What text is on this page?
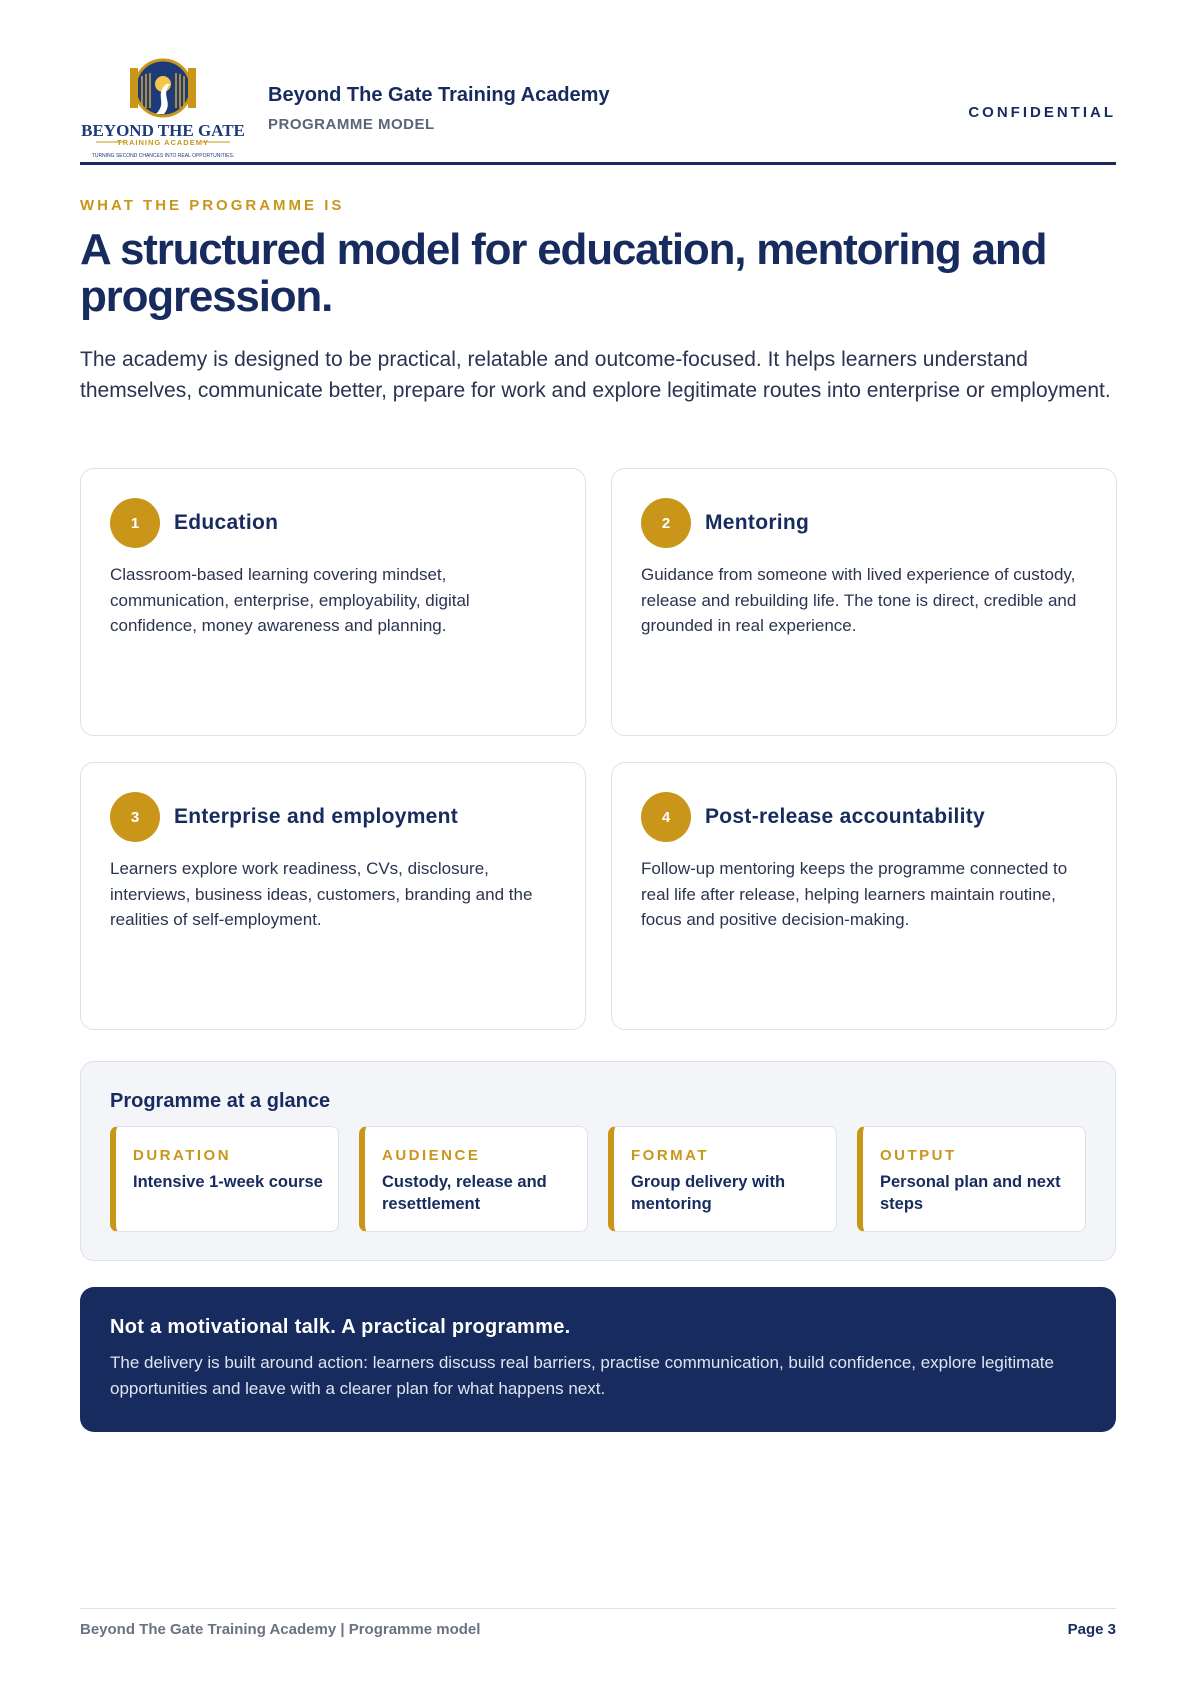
BEYOND THE GATE
TRAINING ACADEMY
TURNING SECOND CHANCES INTO REAL OPPORTUNITIES.
Beyond The Gate Training Academy
PROGRAMME MODEL
CONFIDENTIAL
WHAT THE PROGRAMME IS
A structured model for education, mentoring and progression.

The academy is designed to be practical, relatable and outcome-focused. It helps learners understand themselves, communicate better, prepare for work and explore legitimate routes into enterprise or employment.

1	Education
Classroom-based learning covering mindset, communication, enterprise, employability, digital confidence, money awareness and planning.
2	Mentoring
Guidance from someone with lived experience of custody, release and rebuilding life. The tone is direct, credible and grounded in real experience.
3	Enterprise and employment
Learners explore work readiness, CVs, disclosure, interviews, business ideas, customers, branding and the realities of self-employment.
4	Post-release accountability
Follow-up mentoring keeps the programme connected to real life after release, helping learners maintain routine, focus and positive decision-making.
Programme at a glance
DURATION
Intensive 1-week course
AUDIENCE
Custody, release and resettlement
FORMAT
Group delivery with mentoring
OUTPUT
Personal plan and next steps
Not a motivational talk. A practical programme.
The delivery is built around action: learners discuss real barriers, practise communication, build confidence, explore legitimate opportunities and leave with a clearer plan for what happens next.
Beyond The Gate Training Academy | Programme model	Page 3
